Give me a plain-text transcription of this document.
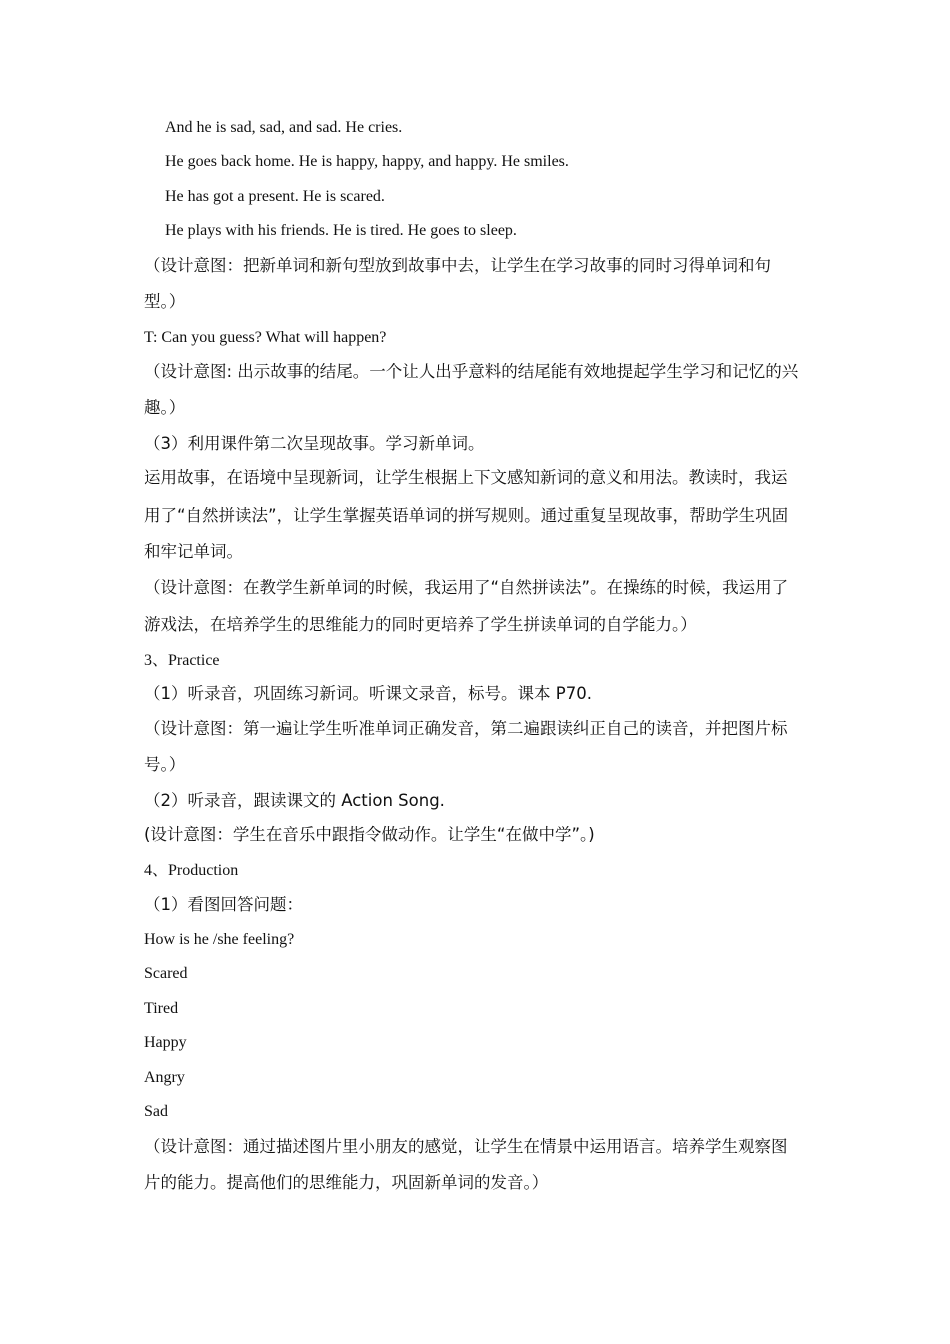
And he is sad, sad, and sad. He cries.
He goes back home. He is happy, happy, and happy. He smiles.
He has got a present. He is scared.
He plays with his friends. He is tired. He goes to sleep.
（设计意图：把新单词和新句型放到故事中去，让学生在学习故事的同时习得单词和句
型。）
T: Can you guess? What will happen?
（设计意图: 出示故事的结尾。一个让人出乎意料的结尾能有效地提起学生学习和记忆的兴
趣。）
（3）利用课件第二次呈现故事。学习新单词。
运用故事，在语境中呈现新词，让学生根据上下文感知新词的意义和用法。教读时，我运
用了“自然拼读法”，让学生掌握英语单词的拼写规则。通过重复呈现故事，帮助学生巩固
和牢记单词。
（设计意图：在教学生新单词的时候，我运用了“自然拼读法”。在操练的时候，我运用了
游戏法，在培养学生的思维能力的同时更培养了学生拼读单词的自学能力。）
3、Practice
（1）听录音，巩固练习新词。听课文录音，标号。课本 P70.
（设计意图：第一遍让学生听准单词正确发音，第二遍跟读纠正自己的读音，并把图片标
号。）
（2）听录音，跟读课文的 Action Song.
(设计意图：学生在音乐中跟指令做动作。让学生“在做中学”。)
4、Production
（1）看图回答问题：
How is he /she feeling?
Scared
Tired
Happy
Angry
Sad
（设计意图：通过描述图片里小朋友的感觉，让学生在情景中运用语言。培养学生观察图
片的能力。提高他们的思维能力，巩固新单词的发音。）
